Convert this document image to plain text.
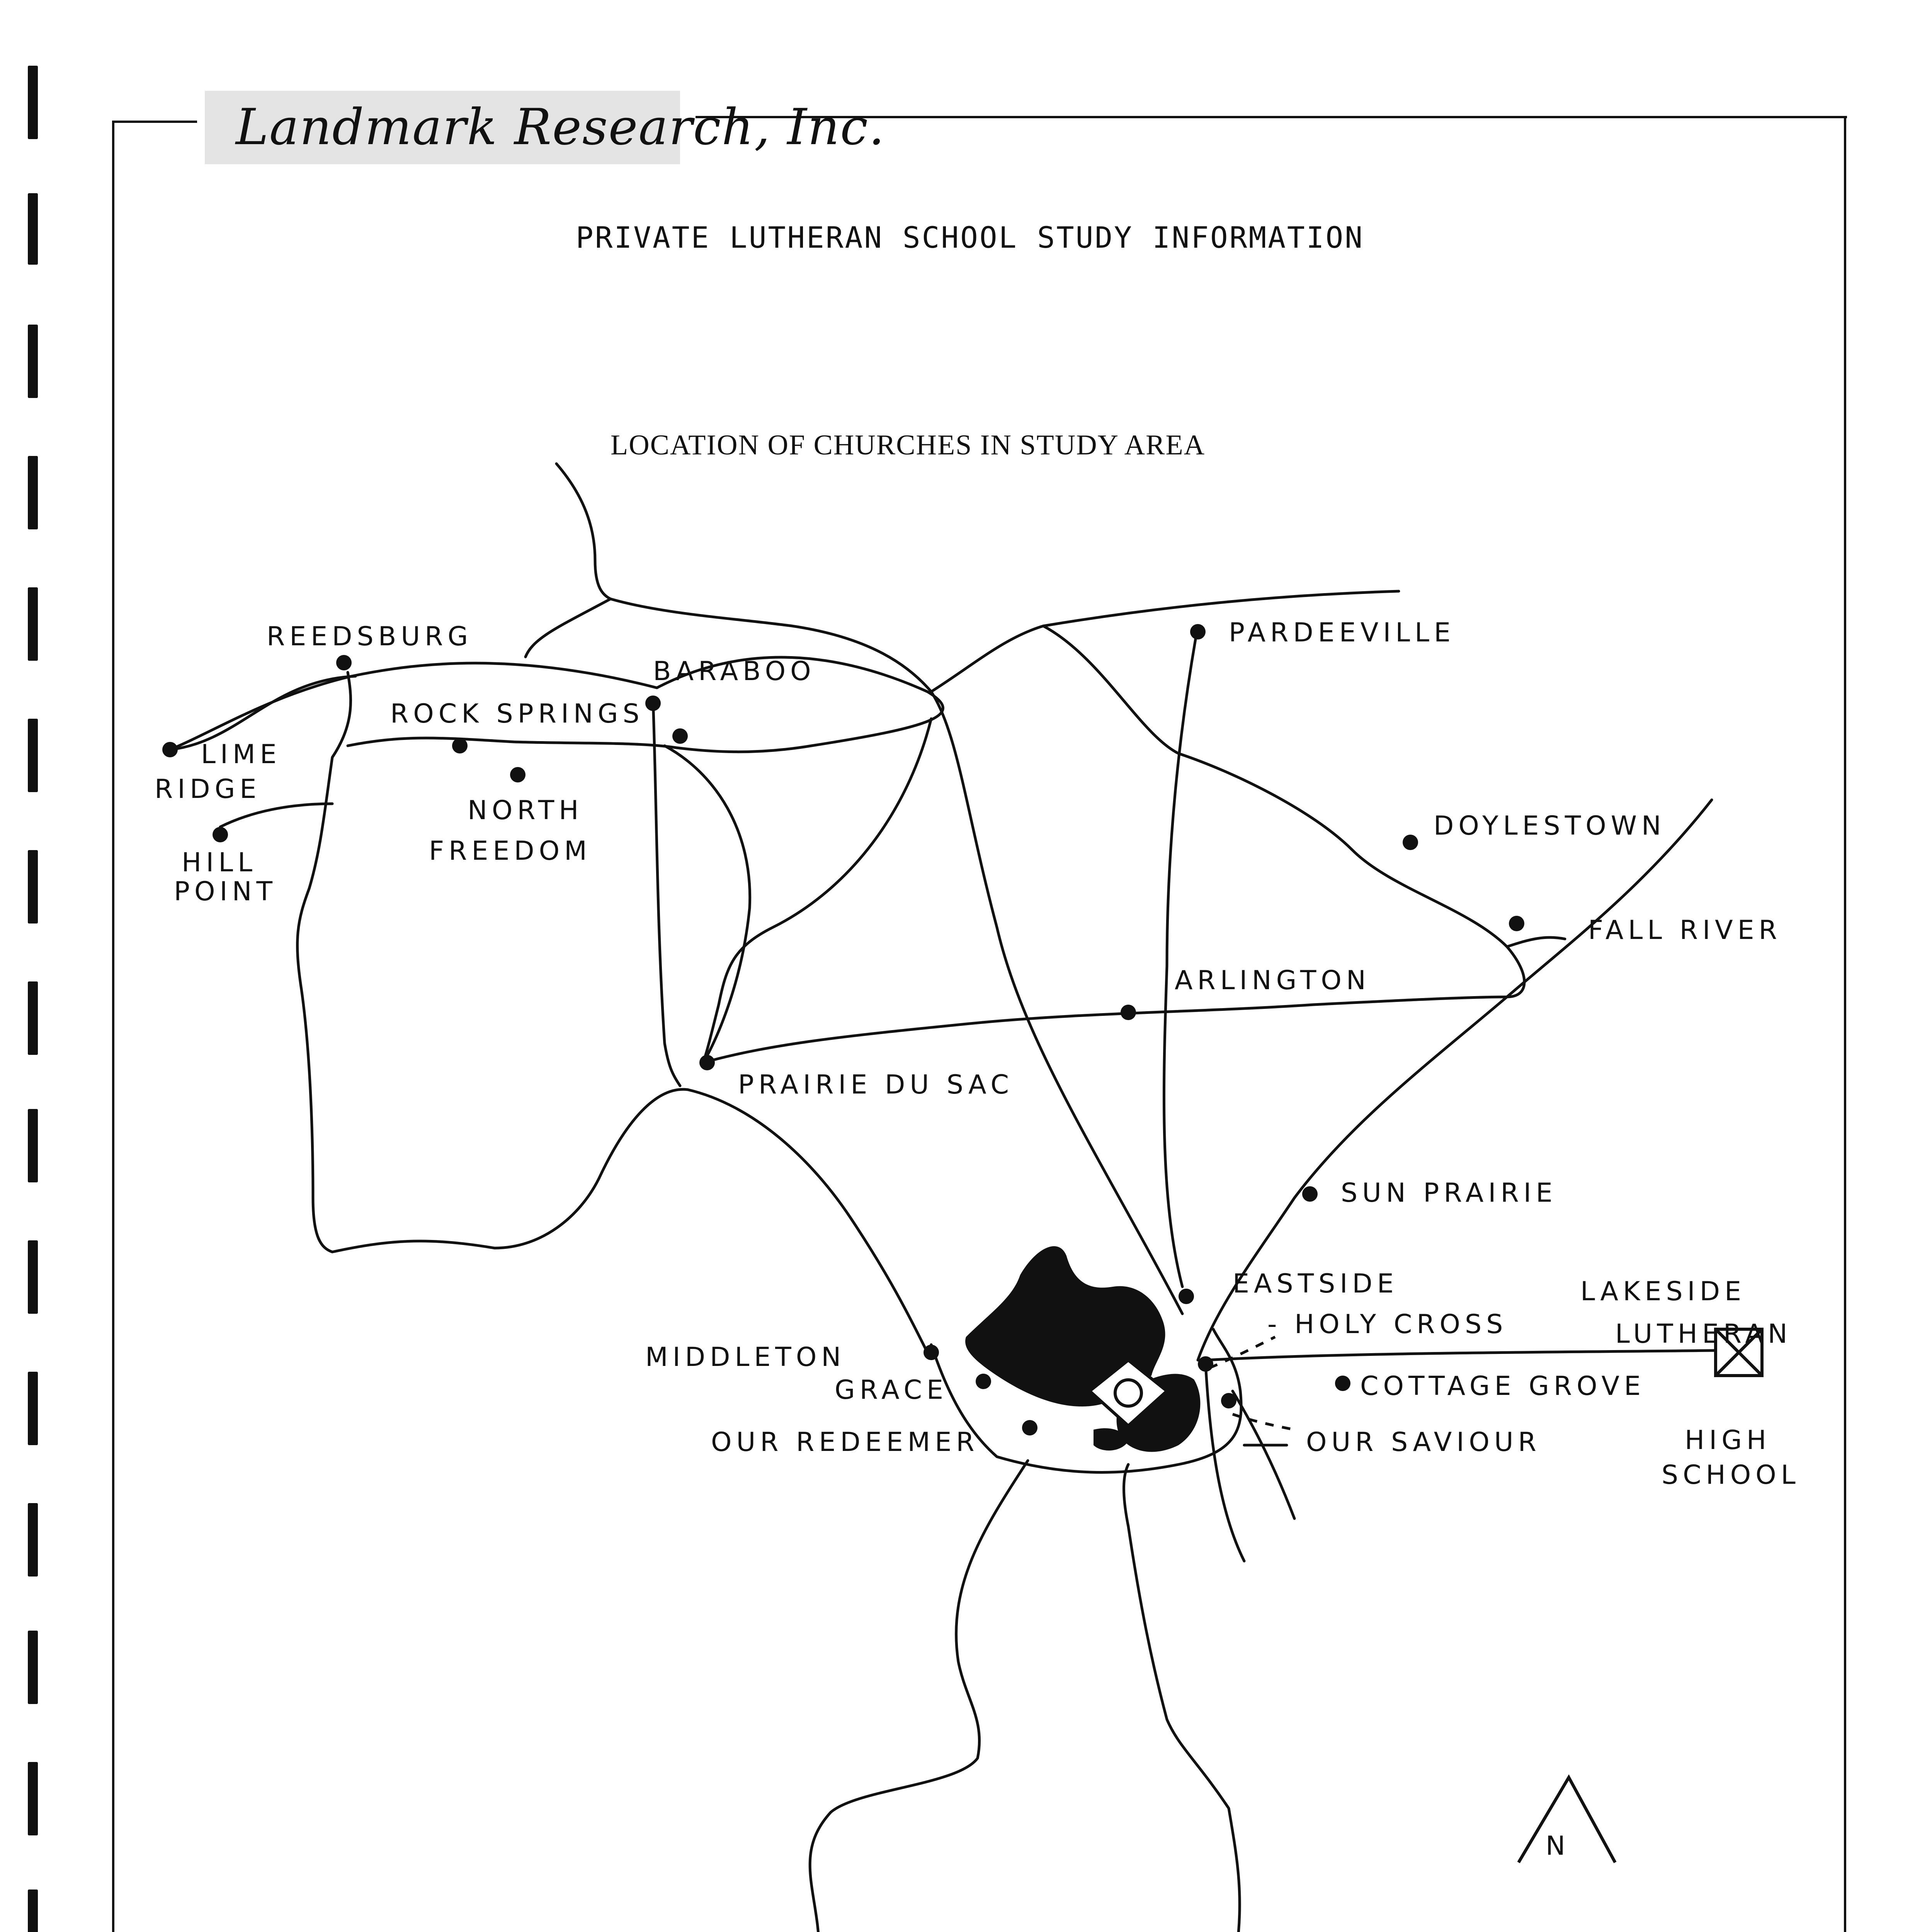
Landmark Research, Inc.
PRIVATE LUTHERAN SCHOOL STUDY INFORMATION
LOCATION OF CHURCHES IN STUDY AREA
N
REEDSBURG
BARABOO
ROCK SPRINGS
LIME
RIDGE
HILL
POINT
NORTH
FREEDOM
PARDEEVILLE
DOYLESTOWN
FALL RIVER
ARLINGTON
PRAIRIE DU SAC
SUN PRAIRIE
EASTSIDE
- HOLY CROSS
LAKESIDE
LUTHERAN
COTTAGE GROVE
HIGH
SCHOOL
MIDDLETON
GRACE
OUR REDEEMER	OUR SAVIOUR
